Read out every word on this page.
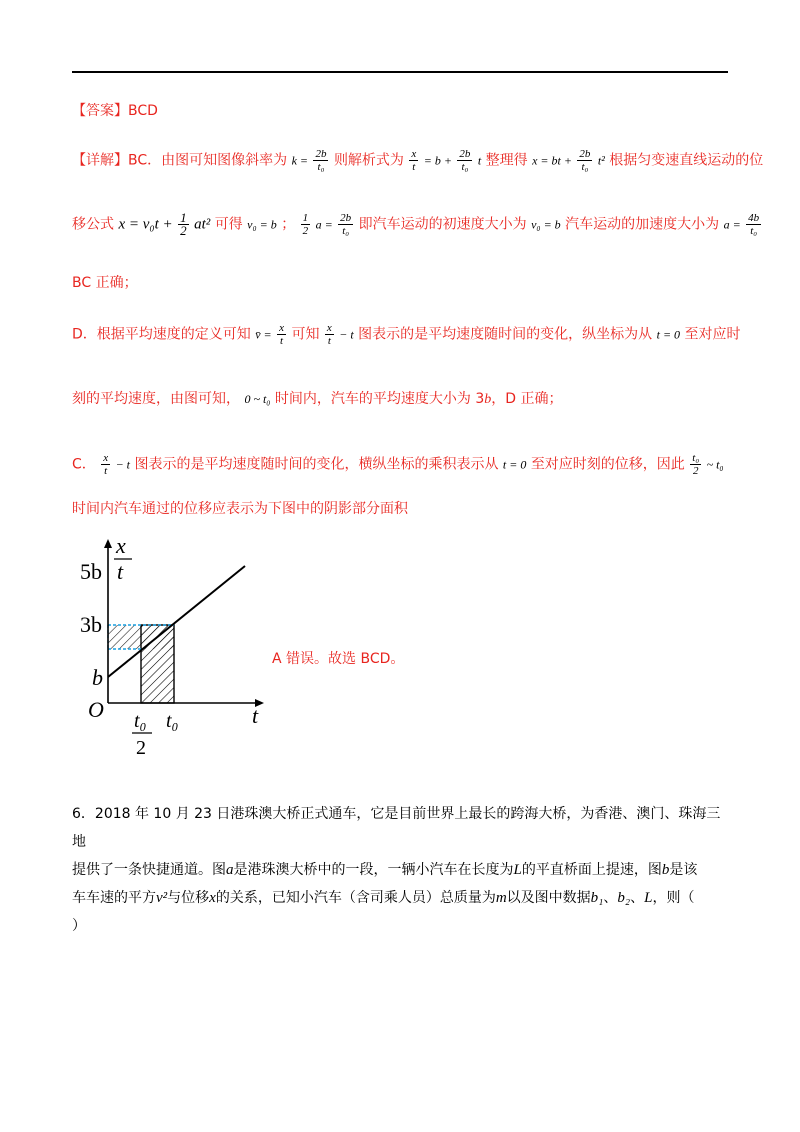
【答案】BCD
【详解】BC．由图可知图像斜率为 $k = \frac{2b}{\text{t₀}}$ 则解析式为 $\frac{x}{t} = b + \frac{2b}{\text{t₀}}$ t 整理得 x = bt + $\frac{2b}{\text{t₀}} t^2$ 根据匀变速直线运动的位
移公式 $x = v_0t + \frac{1}{2} at^2$ 可得 v₀ = b ； $\frac{1}{2}$ $a = \frac{2b}{\text{t₀}}$ 即汽车运动的初速度大小为 v₀ = b 汽车运动的加速度大小为 $a = \frac{4b}{\text{t₀}}$
BC 正确；
D．根据平均速度的定义可知 v̄ = $\frac{x}{t}$ 可知 $\frac{x}{t} - t$ 图表示的是平均速度随时间的变化，纵坐标为从 t = 0 至对应时
刻的平均速度，由图可知， 0 ~ t₀ 时间内，汽车的平均速度大小为 3b，D 正确；
C． $\frac{x}{t} - t$ 图表示的是平均速度随时间的变化，横纵坐标的乘积表示从 t = 0 至对应时刻的位移，因此 $\frac{\text{t₀}}{2}$ ~ t₀
时间内汽车通过的位移应表示为下图中的阴影部分面积
x
t
5b
3b
b
O	t
t₀
2
t₀
A 错误。故选 BCD。
6．2018 年 10 月 23 日港珠澳大桥正式通车，它是目前世界上最长的跨海大桥，为香港、澳门、珠海三地
提供了一条快捷通道。图a是港珠澳大桥中的一段，一辆小汽车在长度为L的平直桥面上提速，图b是该
车车速的平方v²与位移x的关系，已知小汽车（含司乘人员）总质量为m以及图中数据b₁、b₂、L，则（
）
